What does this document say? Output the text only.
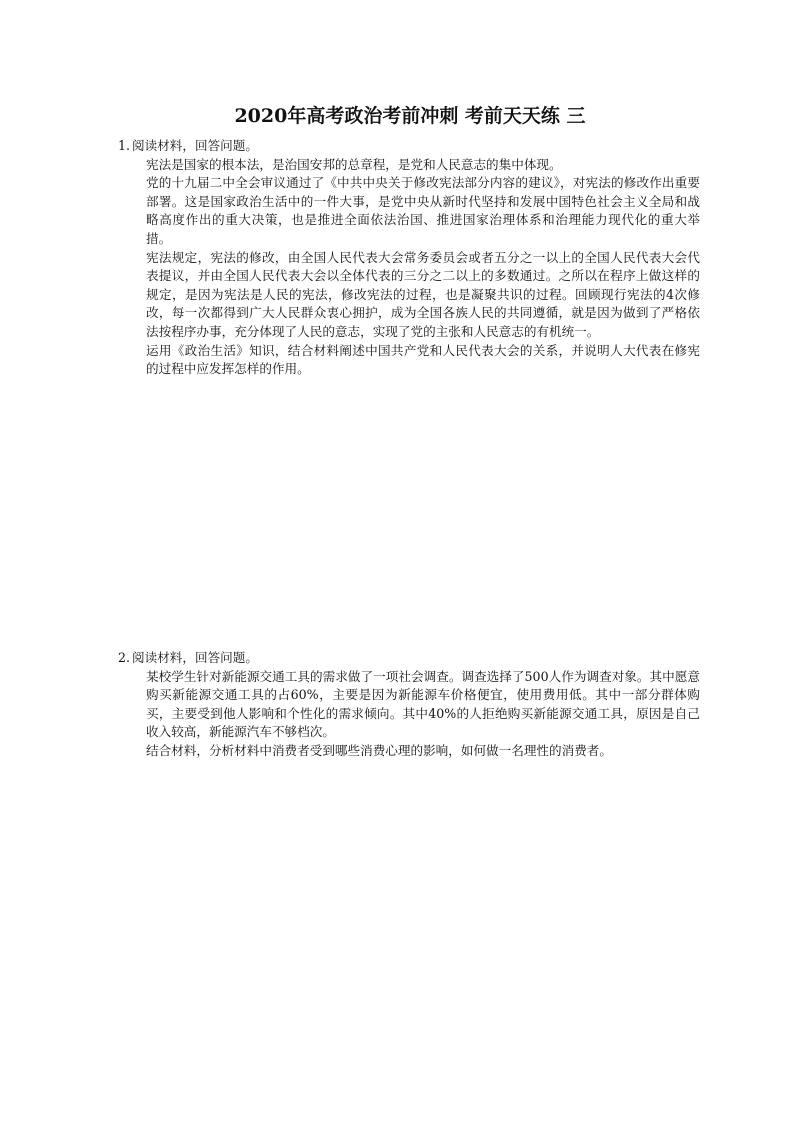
2020年高考政治考前冲刺 考前天天练 三
1. 阅读材料，回答问题。

宪法是国家的根本法，是治国安邦的总章程，是党和人民意志的集中体现。

党的十九届二中全会审议通过了《中共中央关于修改宪法部分内容的建议》，对宪法的修改作出重要部署。这是国家政治生活中的一件大事，是党中央从新时代坚持和发展中国特色社会主义全局和战略高度作出的重大决策，也是推进全面依法治国、推进国家治理体系和治理能力现代化的重大举措。

宪法规定，宪法的修改，由全国人民代表大会常务委员会或者五分之一以上的全国人民代表大会代表提议，并由全国人民代表大会以全体代表的三分之二以上的多数通过。之所以在程序上做这样的规定，是因为宪法是人民的宪法，修改宪法的过程，也是凝聚共识的过程。回顾现行宪法的4次修改，每一次都得到广大人民群众衷心拥护，成为全国各族人民的共同遵循，就是因为做到了严格依法按程序办事，充分体现了人民的意志，实现了党的主张和人民意志的有机统一。

运用《政治生活》知识，结合材料阐述中国共产党和人民代表大会的关系，并说明人大代表在修宪的过程中应发挥怎样的作用。

2. 阅读材料，回答问题。

某校学生针对新能源交通工具的需求做了一项社会调查。调查选择了500人作为调查对象。其中愿意购买新能源交通工具的占60%，主要是因为新能源车价格便宜，使用费用低。其中一部分群体购买，主要受到他人影响和个性化的需求倾向。其中40%的人拒绝购买新能源交通工具，原因是自己收入较高，新能源汽车不够档次。

结合材料，分析材料中消费者受到哪些消费心理的影响，如何做一名理性的消费者。
